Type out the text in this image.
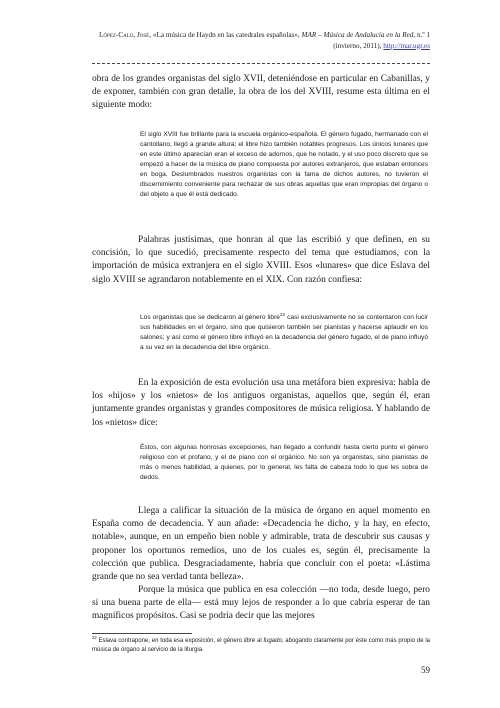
López-Calo, José, «La música de Haydn en las catedrales españolas», MAR – Música de Andalucía en la Red, n.º 1 (invierno, 2011), http://mar.ugr.es

obra de los grandes organistas del siglo XVII, deteniéndose en particular en Cabanillas, y de exponer, también con gran detalle, la obra de los del XVIII, resume esta última en el siguiente modo:

El siglo XVIII fue brillante para la escuela orgánico-española. El género fugado, hermanado con el cantollano, llegó a grande altura; el libre hizo también notables progresos. Los únicos lunares que en este último aparecían eran el exceso de adornos, que he notado, y el uso poco discreto que se empezó a hacer de la música de piano compuesta por autores extranjeros, que estaban entonces en boga. Deslumbrados nuestros organistas con la fama de dichos autores, no tuvieron el discernimiento conveniente para rechazar de sus obras aquellas que eran impropias del órgano o del objeto a que él está dedicado.

Palabras justísimas, que honran al que las escribió y que definen, en su concisión, lo que sucedió, precisamente respecto del tema que estudiamos, con la importación de música extranjera en el siglo XVIII. Esos «lunares» que dice Eslava del siglo XVIII se agrandaron notablemente en el XIX. Con razón confiesa:

Los organistas que se dedicaron al género libre$^{22}$ casi exclusivamente no se contentaron con lucir sus habilidades en el órgano, sino que quisieron también ser pianistas y hacerse aplaudir en los salones; y así como el género libre influyó en la decadencia del género fugado, el de piano influyó a su vez en la decadencia del libre orgánico.

En la exposición de esta evolución usa una metáfora bien expresiva: habla de los «hijos» y los «nietos» de los antiguos organistas, aquellos que, según él, eran juntamente grandes organistas y grandes compositores de música religiosa. Y hablando de los «nietos» dice:

Éstos, con algunas honrosas excepciones, han llegado a confundir hasta cierto punto el género religioso con el profano, y el de piano con el orgánico. No son ya organistas, sino pianistas de más o menos habilidad, a quienes, por lo general, les falta de cabeza todo lo que les sobra de dedos.

Llega a calificar la situación de la música de órgano en aquel momento en España como de decadencia. Y aun añade: «Decadencia he dicho, y la hay, en efecto, notable», aunque, en un empeño bien noble y admirable, trata de descubrir sus causas y proponer los oportunos remedios, uno de los cuales es, según él, precisamente la colección que publica. Desgraciadamente, habría que concluir con el poeta: «Lástima grande que no sea verdad tanta belleza».

Porque la música que publica en esa colección —no toda, desde luego, pero sí una buena parte de ella— está muy lejos de responder a lo que cabría esperar de tan magníficos propósitos. Casi se podría decir que las mejores

$^{22}$ Eslava contrapone, en toda esa exposición, el género libre al fugado, abogando claramente por éste como más propio de la música de órgano al servicio de la liturgia.

59
